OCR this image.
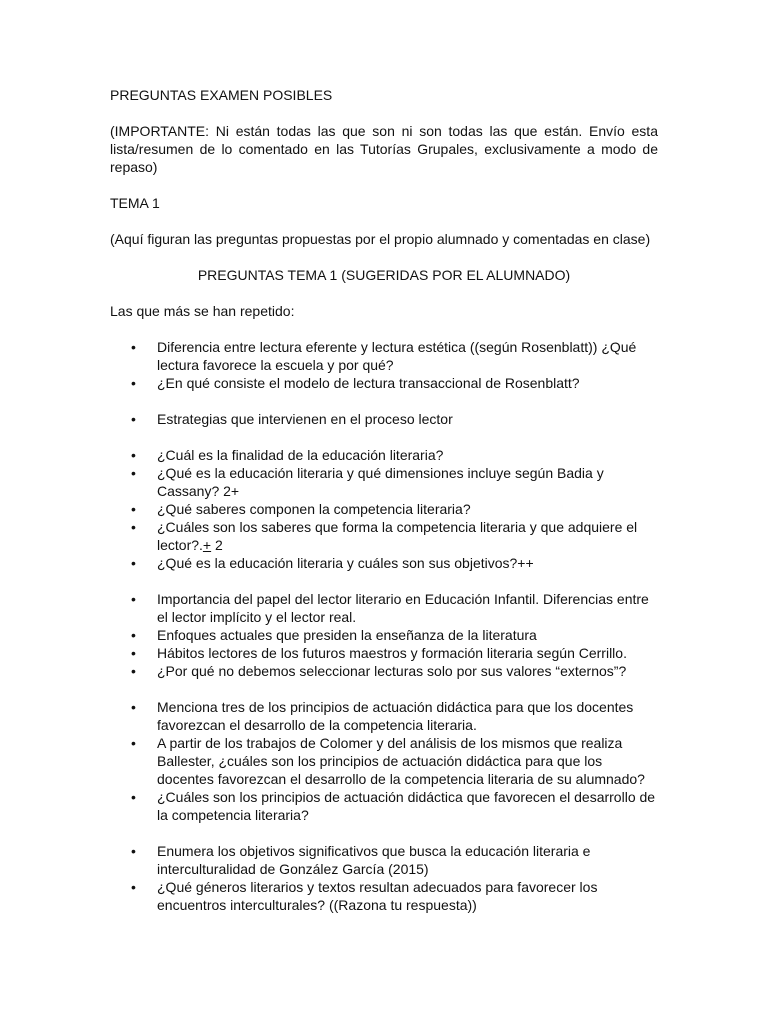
PREGUNTAS EXAMEN POSIBLES

(IMPORTANTE: Ni están todas las que son ni son todas las que están. Envío esta lista/resumen de lo comentado en las Tutorías Grupales, exclusivamente a modo de repaso)

TEMA 1

(Aquí figuran las preguntas propuestas por el propio alumnado y comentadas en clase)

PREGUNTAS TEMA 1 (SUGERIDAS POR EL ALUMNADO)

Las que más se han repetido:

•	Diferencia entre lectura eferente y lectura estética ((según Rosenblatt)) ¿Qué lectura favorece la escuela y por qué?
•	¿En qué consiste el modelo de lectura transaccional de Rosenblatt?
•	Estrategias que intervienen en el proceso lector
•	¿Cuál es la finalidad de la educación literaria?
•	¿Qué es la educación literaria y qué dimensiones incluye según Badia y Cassany? 2+
•	¿Qué saberes componen la competencia literaria?
•	¿Cuáles son los saberes que forma la competencia literaria y que adquiere el lector?.+ 2
•	¿Qué es la educación literaria y cuáles son sus objetivos?++
•	Importancia del papel del lector literario en Educación Infantil. Diferencias entre el lector implícito y el lector real.
•	Enfoques actuales que presiden la enseñanza de la literatura
•	Hábitos lectores de los futuros maestros y formación literaria según Cerrillo.
•	¿Por qué no debemos seleccionar lecturas solo por sus valores “externos”?
•	Menciona tres de los principios de actuación didáctica para que los docentes favorezcan el desarrollo de la competencia literaria.
•	A partir de los trabajos de Colomer y del análisis de los mismos que realiza Ballester, ¿cuáles son los principios de actuación didáctica para que los docentes favorezcan el desarrollo de la competencia literaria de su alumnado?
•	¿Cuáles son los principios de actuación didáctica que favorecen el desarrollo de la competencia literaria?
•	Enumera los objetivos significativos que busca la educación literaria e interculturalidad de González García (2015)
•	¿Qué géneros literarios y textos resultan adecuados para favorecer los encuentros interculturales? ((Razona tu respuesta))
